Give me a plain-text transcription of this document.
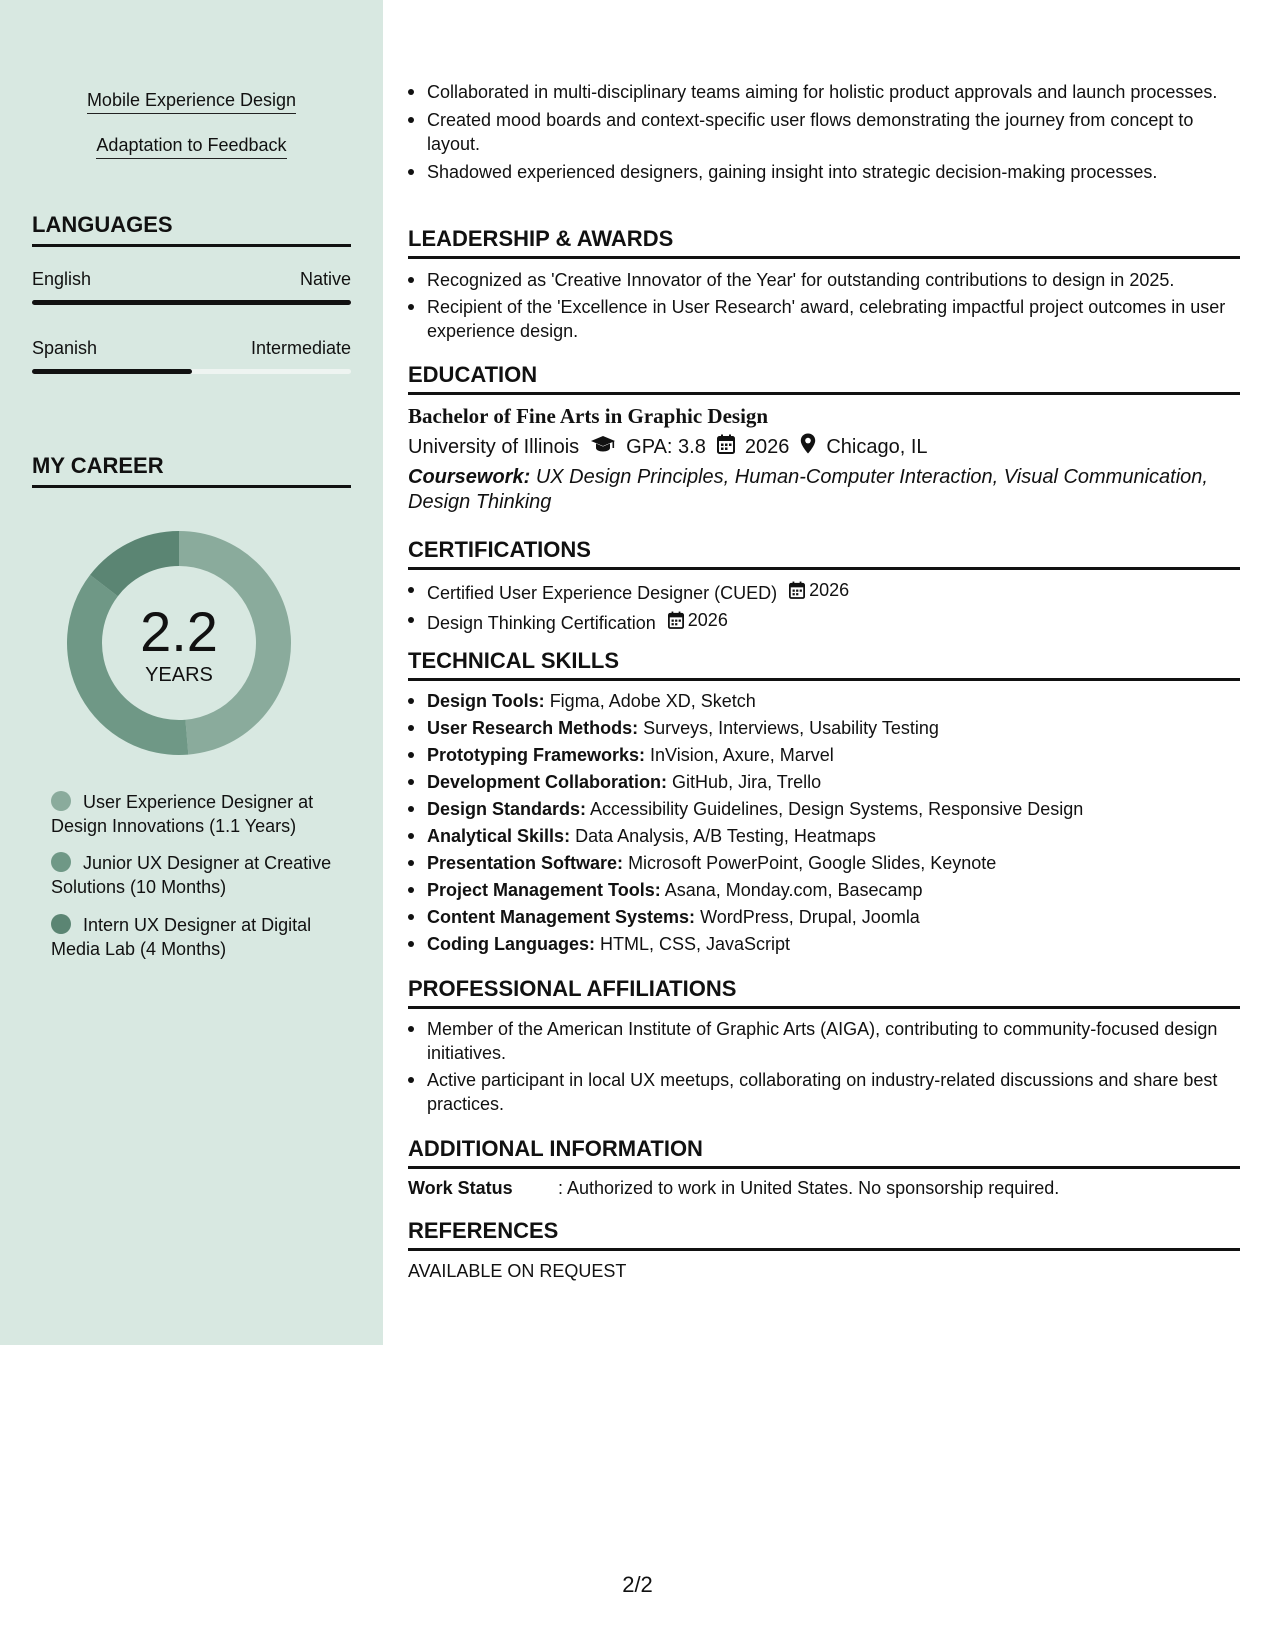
Mobile Experience Design
Adaptation to Feedback
LANGUAGES
English	Native
Spanish	Intermediate
MY CAREER
2.2
YEARS
User Experience Designer at Design Innovations (1.1 Years)
Junior UX Designer at Creative Solutions (10 Months)
Intern UX Designer at Digital Media Lab (4 Months)
Collaborated in multi-disciplinary teams aiming for holistic product approvals and launch processes.
Created mood boards and context-specific user flows demonstrating the journey from concept to layout.
Shadowed experienced designers, gaining insight into strategic decision-making processes.
LEADERSHIP & AWARDS
Recognized as 'Creative Innovator of the Year' for outstanding contributions to design in 2025.
Recipient of the 'Excellence in User Research' award, celebrating impactful project outcomes in user experience design.
EDUCATION
Bachelor of Fine Arts in Graphic Design
University of Illinois GPA: 3.8 2026 Chicago, IL
Coursework: UX Design Principles, Human-Computer Interaction, Visual Communication, Design Thinking
CERTIFICATIONS
Certified User Experience Designer (CUED) 2026
Design Thinking Certification 2026
TECHNICAL SKILLS
Design Tools: Figma, Adobe XD, Sketch
User Research Methods: Surveys, Interviews, Usability Testing
Prototyping Frameworks: InVision, Axure, Marvel
Development Collaboration: GitHub, Jira, Trello
Design Standards: Accessibility Guidelines, Design Systems, Responsive Design
Analytical Skills: Data Analysis, A/B Testing, Heatmaps
Presentation Software: Microsoft PowerPoint, Google Slides, Keynote
Project Management Tools: Asana, Monday.com, Basecamp
Content Management Systems: WordPress, Drupal, Joomla
Coding Languages: HTML, CSS, JavaScript
PROFESSIONAL AFFILIATIONS
Member of the American Institute of Graphic Arts (AIGA), contributing to community-focused design initiatives.
Active participant in local UX meetups, collaborating on industry-related discussions and share best practices.
ADDITIONAL INFORMATION
Work Status	: Authorized to work in United States. No sponsorship required.
REFERENCES
AVAILABLE ON REQUEST
2/2
